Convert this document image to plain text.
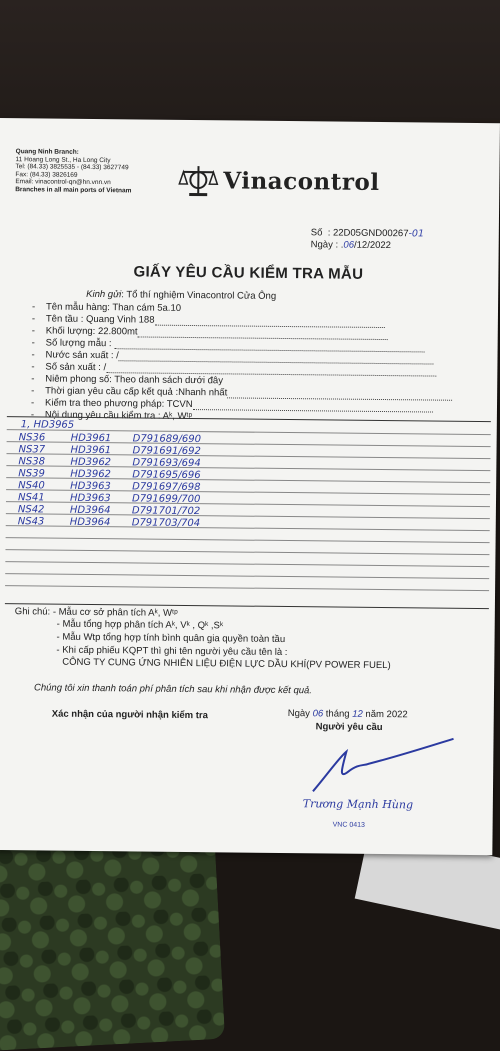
Quang Ninh Branch:
11 Hoang Long St., Ha Long City
Tel: (84.33) 3825535 - (84.33) 3627749
Fax: (84.33) 3826169
Email: vinacontrol-qn@hn.vnn.vn
Branches in all main ports of Vietnam	Vinacontrol
Số : 22D05GND00267-01
Ngày : .06/12/2022
GIẤY YÊU CẦU KIỂM TRA MẪU
Kinh gửi: Tổ thí nghiệm Vinacontrol Cửa Ông
- Tên mẫu hàng: Than cám 5a.10
- Tên tầu : Quang Vinh 188
- Khối lượng: 22.800mt
- Số lượng mẫu :
- Nước sản xuất : /
- Số sản xuất : /
- Niêm phong số: Theo danh sách dưới đây
- Thời gian yêu cầu cấp kết quả :Nhanh nhất
- Kiểm tra theo phương pháp: TCVN
- Nội dung yêu cầu kiểm tra : Aᵏ, Wᵗᵖ
1, HD3965
NS36	HD3961 D791689/690
NS37	HD3961 D791691/692
NS38	HD3962 D791693/694
NS39	HD3962 D791695/696
NS40	HD3963 D791697/698
NS41	HD3963 D791699/700
NS42	HD3964 D791701/702
NS43	HD3964 D791703/704
Ghi chú: - Mẫu cơ sở phân tích Aᵏ, Wᵗᵖ
- Mẫu tổng hợp phân tích Aᵏ, Vᵏ , Qᵏ ,Sᵏ
- Mẫu Wtp tổng hợp tính bình quân gia quyền toàn tầu
- Khi cấp phiếu KQPT thì ghi tên người yêu cầu tên là :
CÔNG TY CUNG ỨNG NHIÊN LIỆU ĐIỆN LỰC DẦU KHÍ(PV POWER FUEL)
Chúng tôi xin thanh toán phí phân tích sau khi nhận được kết quả.
Xác nhận của người nhận kiểm tra	Ngày 06 tháng 12 năm 2022
Người yêu cầu
Trương Mạnh Hùng
VNC 0413
